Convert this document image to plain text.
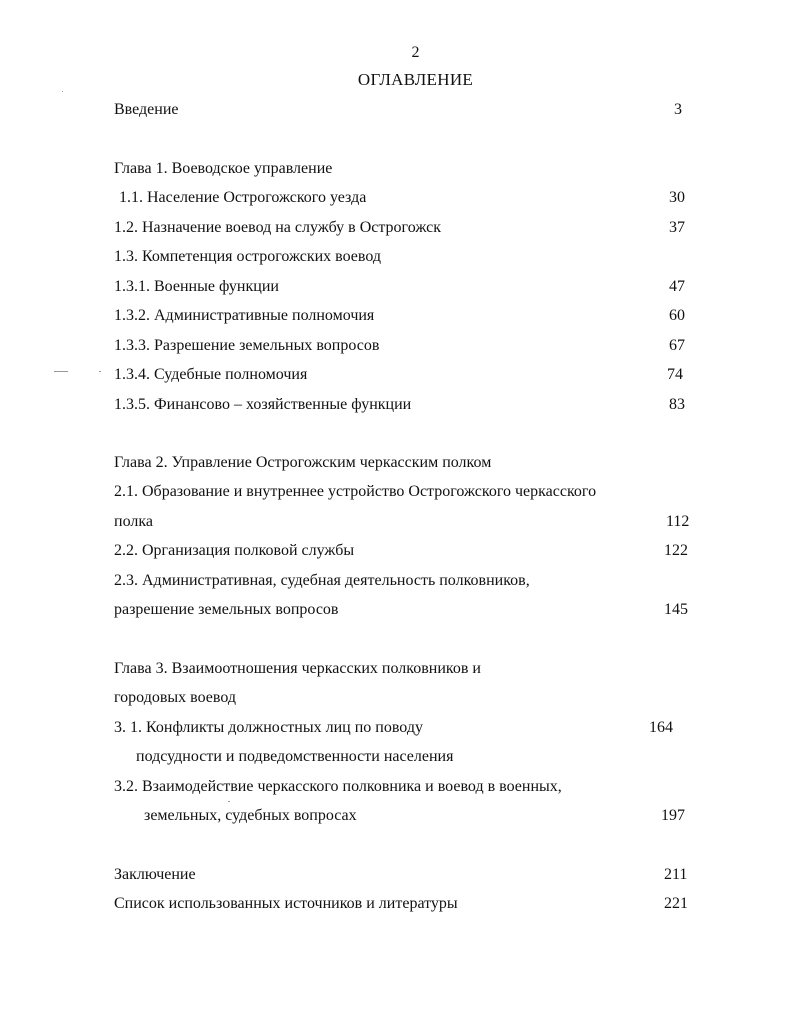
2
ОГЛАВЛЕНИЕ
Введение	3
Глава 1. Воеводское управление
1.1. Население Острогожского уезда	30
1.2. Назначение воевод на службу в Острогожск	37
1.3. Компетенция острогожских воевод
1.3.1. Военные функции	47
1.3.2. Административные полномочия	60
1.3.3. Разрешение земельных вопросов	67
1.3.4. Судебные полномочия	74
1.3.5. Финансово – хозяйственные функции	83
Глава 2. Управление Острогожским черкасским полком
2.1. Образование и внутреннее устройство Острогожского черкасского
полка	112
2.2. Организация полковой службы	122
2.3. Административная, судебная деятельность полковников,
разрешение земельных вопросов	145
Глава 3. Взаимоотношения черкасских полковников и
городовых воевод
3. 1. Конфликты должностных лиц по поводу	164
подсудности и подведомственности населения
3.2. Взаимодействие черкасского полковника и воевод в военных,
земельных, судебных вопросах	197
Заключение	211
Список использованных источников и литературы	221
